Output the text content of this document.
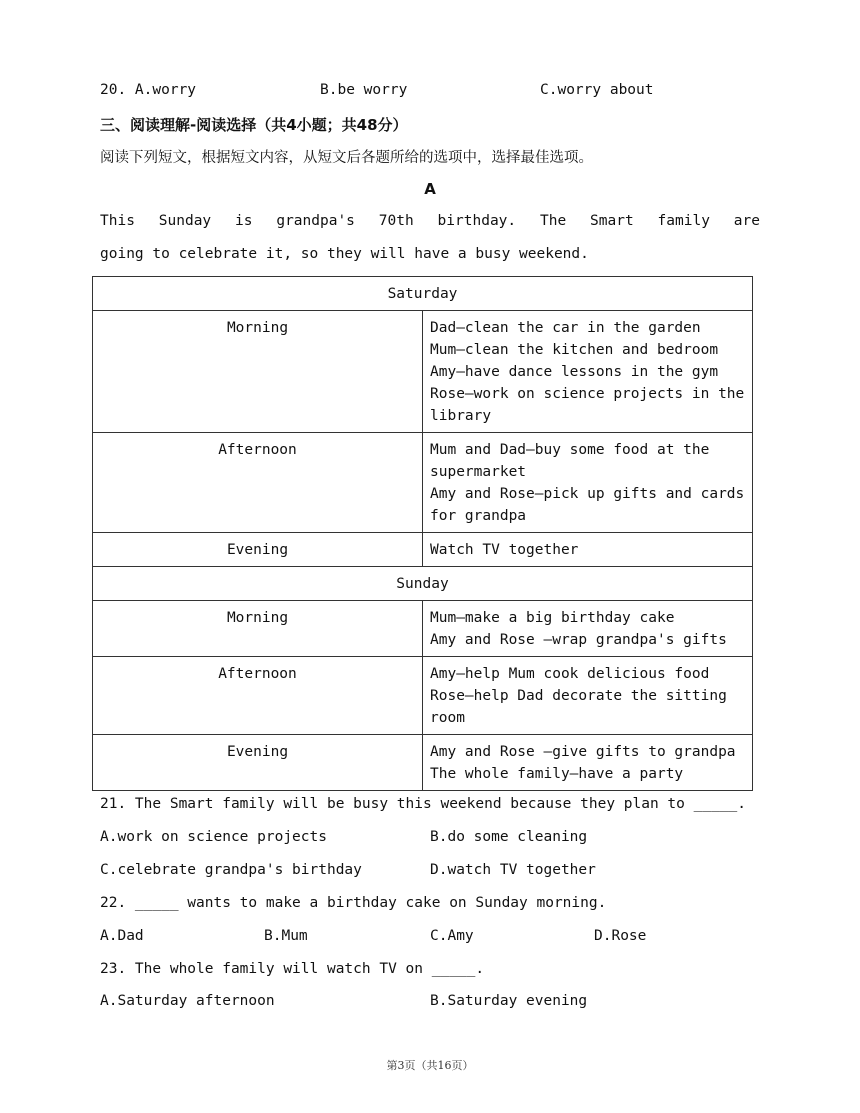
20. A.worry	B.be worry	C.worry about
三、阅读理解-阅读选择（共4小题；共48分）
阅读下列短文，根据短文内容，从短文后各题所给的选项中，选择最佳选项。
A
This Sunday is grandpa's 70th birthday. The Smart family are
going to celebrate it, so they will have a busy weekend.
Saturday	
Morning	Dad—clean the car in the garden
Mum—clean the kitchen and bedroom
Amy—have dance lessons in the gym
Rose—work on science projects in the
library

Afternoon	Mum and Dad—buy some food at the
supermarket
Amy and Rose—pick up gifts and cards
for grandpa

Evening	Watch TV together

Sunday	
Morning	Mum—make a big birthday cake
Amy and Rose —wrap grandpa's gifts

Afternoon	Amy—help Mum cook delicious food
Rose—help Dad decorate the sitting
room

Evening	Amy and Rose —give gifts to grandpa
The whole family—have a party
21. The Smart family will be busy this weekend because they plan to _____.
A.work on science projects	B.do some cleaning
C.celebrate grandpa's birthday	D.watch TV together
22. _____ wants to make a birthday cake on Sunday morning.
A.Dad	B.Mum	C.Amy	D.Rose
23. The whole family will watch TV on _____.
A.Saturday afternoon	B.Saturday evening
第3页（共16页）
